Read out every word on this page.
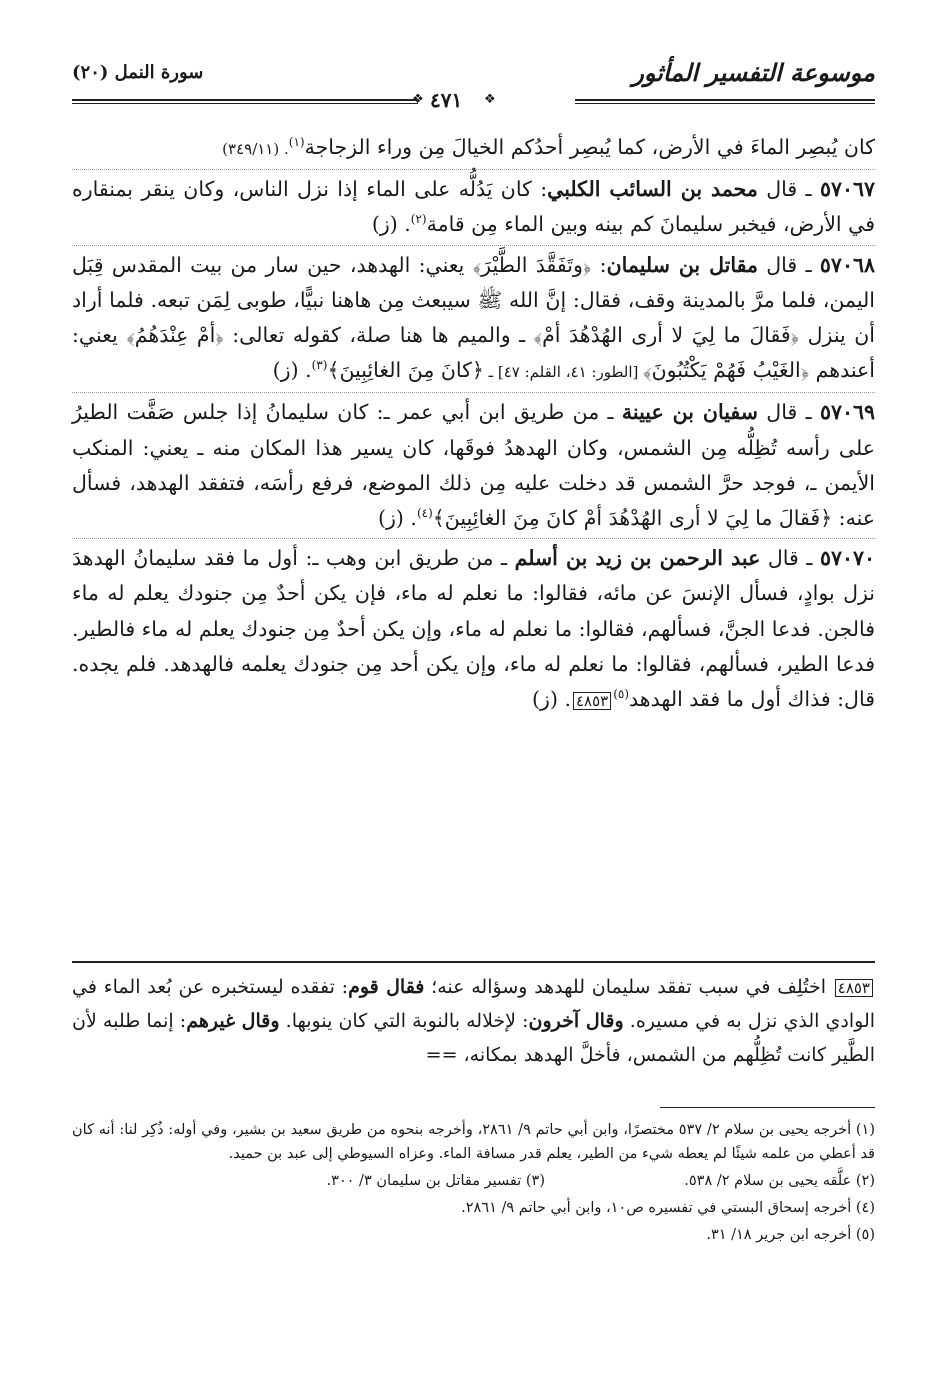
موسوعة التفسير المأثور
❖
٤٧١
❖
سورة النمل (٢٠)

كان يُبصِر الماءَ في الأرض، كما يُبصِر أحدُكم الخيالَ مِن وراء الزجاجة$^{(١)}$. (٣٤٩/١١)

٥٧٠٦٧ ـ قال محمد بن السائب الكلبي: كان يَدُلُّه على الماء إذا نزل الناس، وكان ينقر بمنقاره في الأرض، فيخبر سليمانَ كم بينه وبين الماء مِن قامة$^{(٢)}$. (ز)

٥٧٠٦٨ ـ قال مقاتل بن سليمان: ﴿وتَفَقَّدَ الطَّيْرَ﴾ يعني: الهدهد، حين سار من بيت المقدس قِبَل اليمن، فلما مرَّ بالمدينة وقف، فقال: إنَّ الله ﷺ سيبعث مِن هاهنا نبيًّا، طوبى لِمَن تبعه. فلما أراد أن ينزل ﴿فَقالَ ما لِيَ لا أرى الهُدْهُدَ أمْ﴾ ـ والميم ها هنا صلة، كقوله تعالى: ﴿أمْ عِنْدَهُمُ﴾ يعني: أعندهم ﴿الغَيْبُ فَهُمْ يَكْتُبُونَ﴾ [الطور: ٤١، القلم: ٤٧] ـ ﴿كانَ مِنَ الغائِبِينَ﴾$^{(٣)}$. (ز)

٥٧٠٦٩ ـ قال سفيان بن عيينة ـ من طريق ابن أبي عمر ـ: كان سليمانُ إذا جلس صَفَّت الطيرُ على رأسه تُظِلُّه مِن الشمس، وكان الهدهدُ فوقَها، كان يسير هذا المكان منه ـ يعني: المنكب الأيمن ـ، فوجد حرَّ الشمس قد دخلت عليه مِن ذلك الموضع، فرفع رأسَه، فتفقد الهدهد، فسأل عنه: ﴿فَقالَ ما لِيَ لا أرى الهُدْهُدَ أمْ كانَ مِنَ الغائِبِينَ﴾$^{(٤)}$. (ز)

٥٧٠٧٠ ـ قال عبد الرحمن بن زيد بن أسلم ـ من طريق ابن وهب ـ: أول ما فقد سليمانُ الهدهدَ نزل بوادٍ، فسأل الإنسَ عن مائه، فقالوا: ما نعلم له ماء، فإن يكن أحدٌ مِن جنودك يعلم له ماء فالجن. فدعا الجنَّ، فسألهم، فقالوا: ما نعلم له ماء، وإن يكن أحدٌ مِن جنودك يعلم له ماء فالطير. فدعا الطير، فسألهم، فقالوا: ما نعلم له ماء، وإن يكن أحد مِن جنودك يعلمه فالهدهد. فلم يجده. قال: فذاك أول ما فقد الهدهد$^{(٥)}$٤٨٥٣. (ز)

٤٨٥٣ اختُلِف في سبب تفقد سليمان للهدهد وسؤاله عنه؛ فقال قوم: تفقده ليستخبره عن بُعد الماء في الوادي الذي نزل به في مسيره. وقال آخرون: لإخلاله بالنوبة التي كان ينوبها. وقال غيرهم: إنما طلبه لأن الطَّير كانت تُظِلُّهم من الشمس، فأخلَّ الهدهد بمكانه، ==
(١) أخرجه يحيى بن سلام ٢/ ٥٣٧ مختصرًا، وابن أبي حاتم ٩/ ٢٨٦١، وأخرجه بنحوه من طريق سعيد بن بشير، وفي أوله: ذُكِر لنا: أنه كان قد أعطي من علمه شيئًا لم يعطه شيء من الطير، يعلم قدر مسافة الماء. وعزاه السيوطي إلى عبد بن حميد.
(٢) علَّقه يحيى بن سلام ٢/ ٥٣٨.
(٣) تفسير مقاتل بن سليمان ٣/ ٣٠٠.
(٤) أخرجه إسحاق البستي في تفسيره ص١٠، وابن أبي حاتم ٩/ ٢٨٦١.
(٥) أخرجه ابن جرير ١٨/ ٣١.
